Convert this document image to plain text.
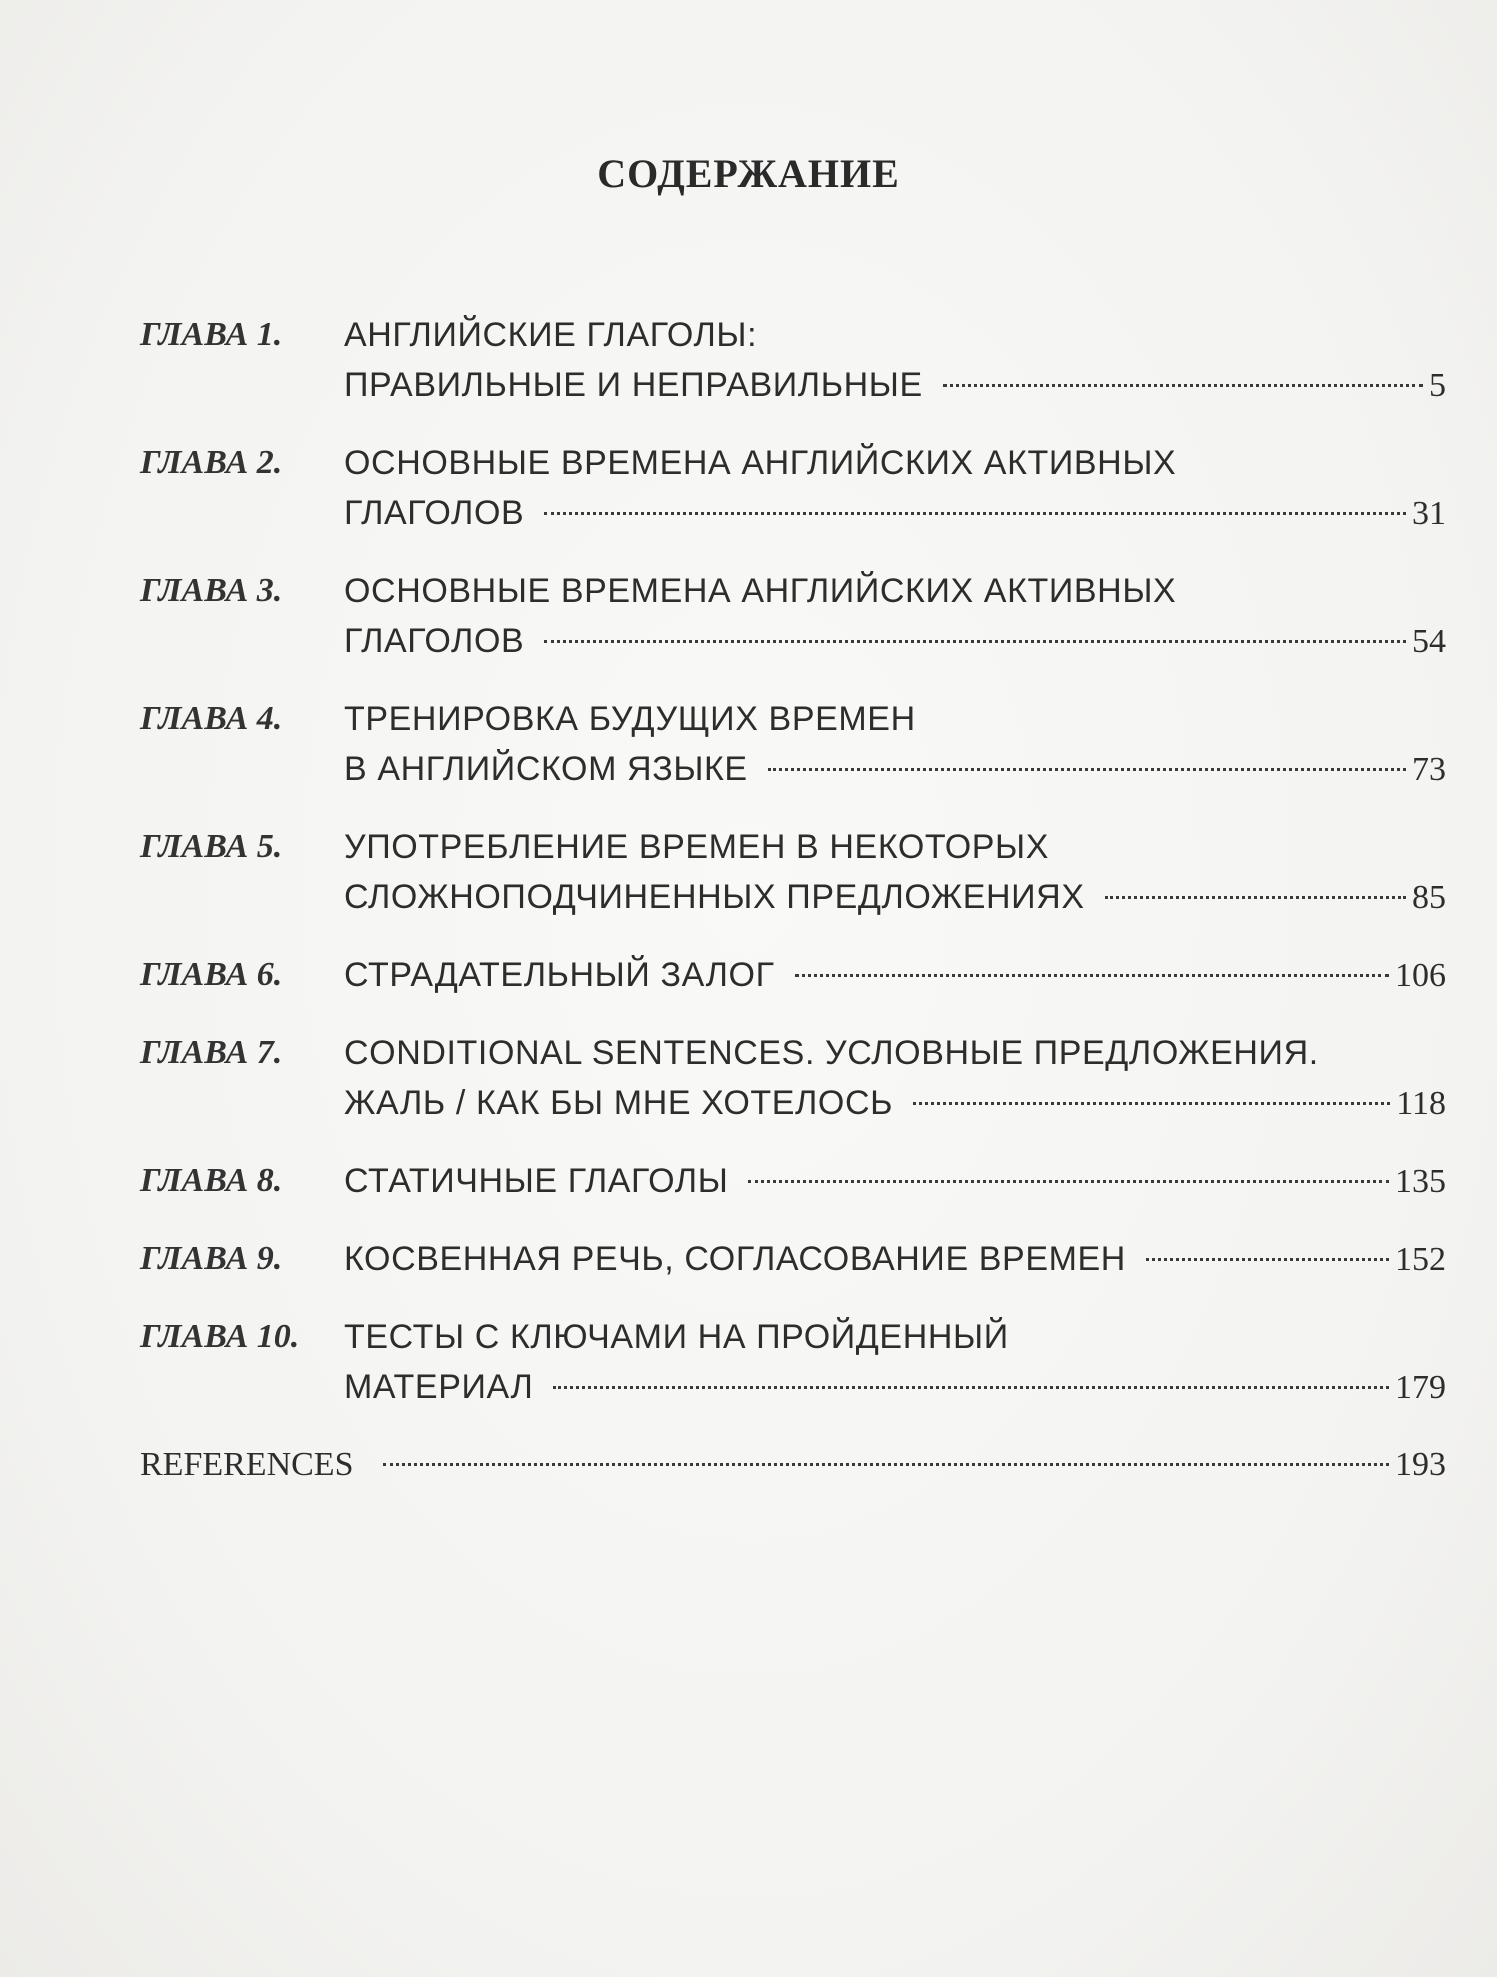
СОДЕРЖАНИЕ
ГЛАВА 1.	АНГЛИЙСКИЕ ГЛАГОЛЫ:
ПРАВИЛЬНЫЕ И НЕПРАВИЛЬНЫЕ	5
ГЛАВА 2.	ОСНОВНЫЕ ВРЕМЕНА АНГЛИЙСКИХ АКТИВНЫХ
ГЛАГОЛОВ	31
ГЛАВА 3.	ОСНОВНЫЕ ВРЕМЕНА АНГЛИЙСКИХ АКТИВНЫХ
ГЛАГОЛОВ	54
ГЛАВА 4.	ТРЕНИРОВКА БУДУЩИХ ВРЕМЕН
В АНГЛИЙСКОМ ЯЗЫКЕ	73
ГЛАВА 5.	УПОТРЕБЛЕНИЕ ВРЕМЕН В НЕКОТОРЫХ
СЛОЖНОПОДЧИНЕННЫХ ПРЕДЛОЖЕНИЯХ	85
ГЛАВА 6.	СТРАДАТЕЛЬНЫЙ ЗАЛОГ	106
ГЛАВА 7.	CONDITIONAL SENTENCES. УСЛОВНЫЕ ПРЕДЛОЖЕНИЯ.
ЖАЛЬ / КАК БЫ МНЕ ХОТЕЛОСЬ	118
ГЛАВА 8.	СТАТИЧНЫЕ ГЛАГОЛЫ	135
ГЛАВА 9.	КОСВЕННАЯ РЕЧЬ, СОГЛАСОВАНИЕ ВРЕМЕН	152
ГЛАВА 10.	ТЕСТЫ С КЛЮЧАМИ НА ПРОЙДЕННЫЙ
МАТЕРИАЛ	179
REFERENCES	193
